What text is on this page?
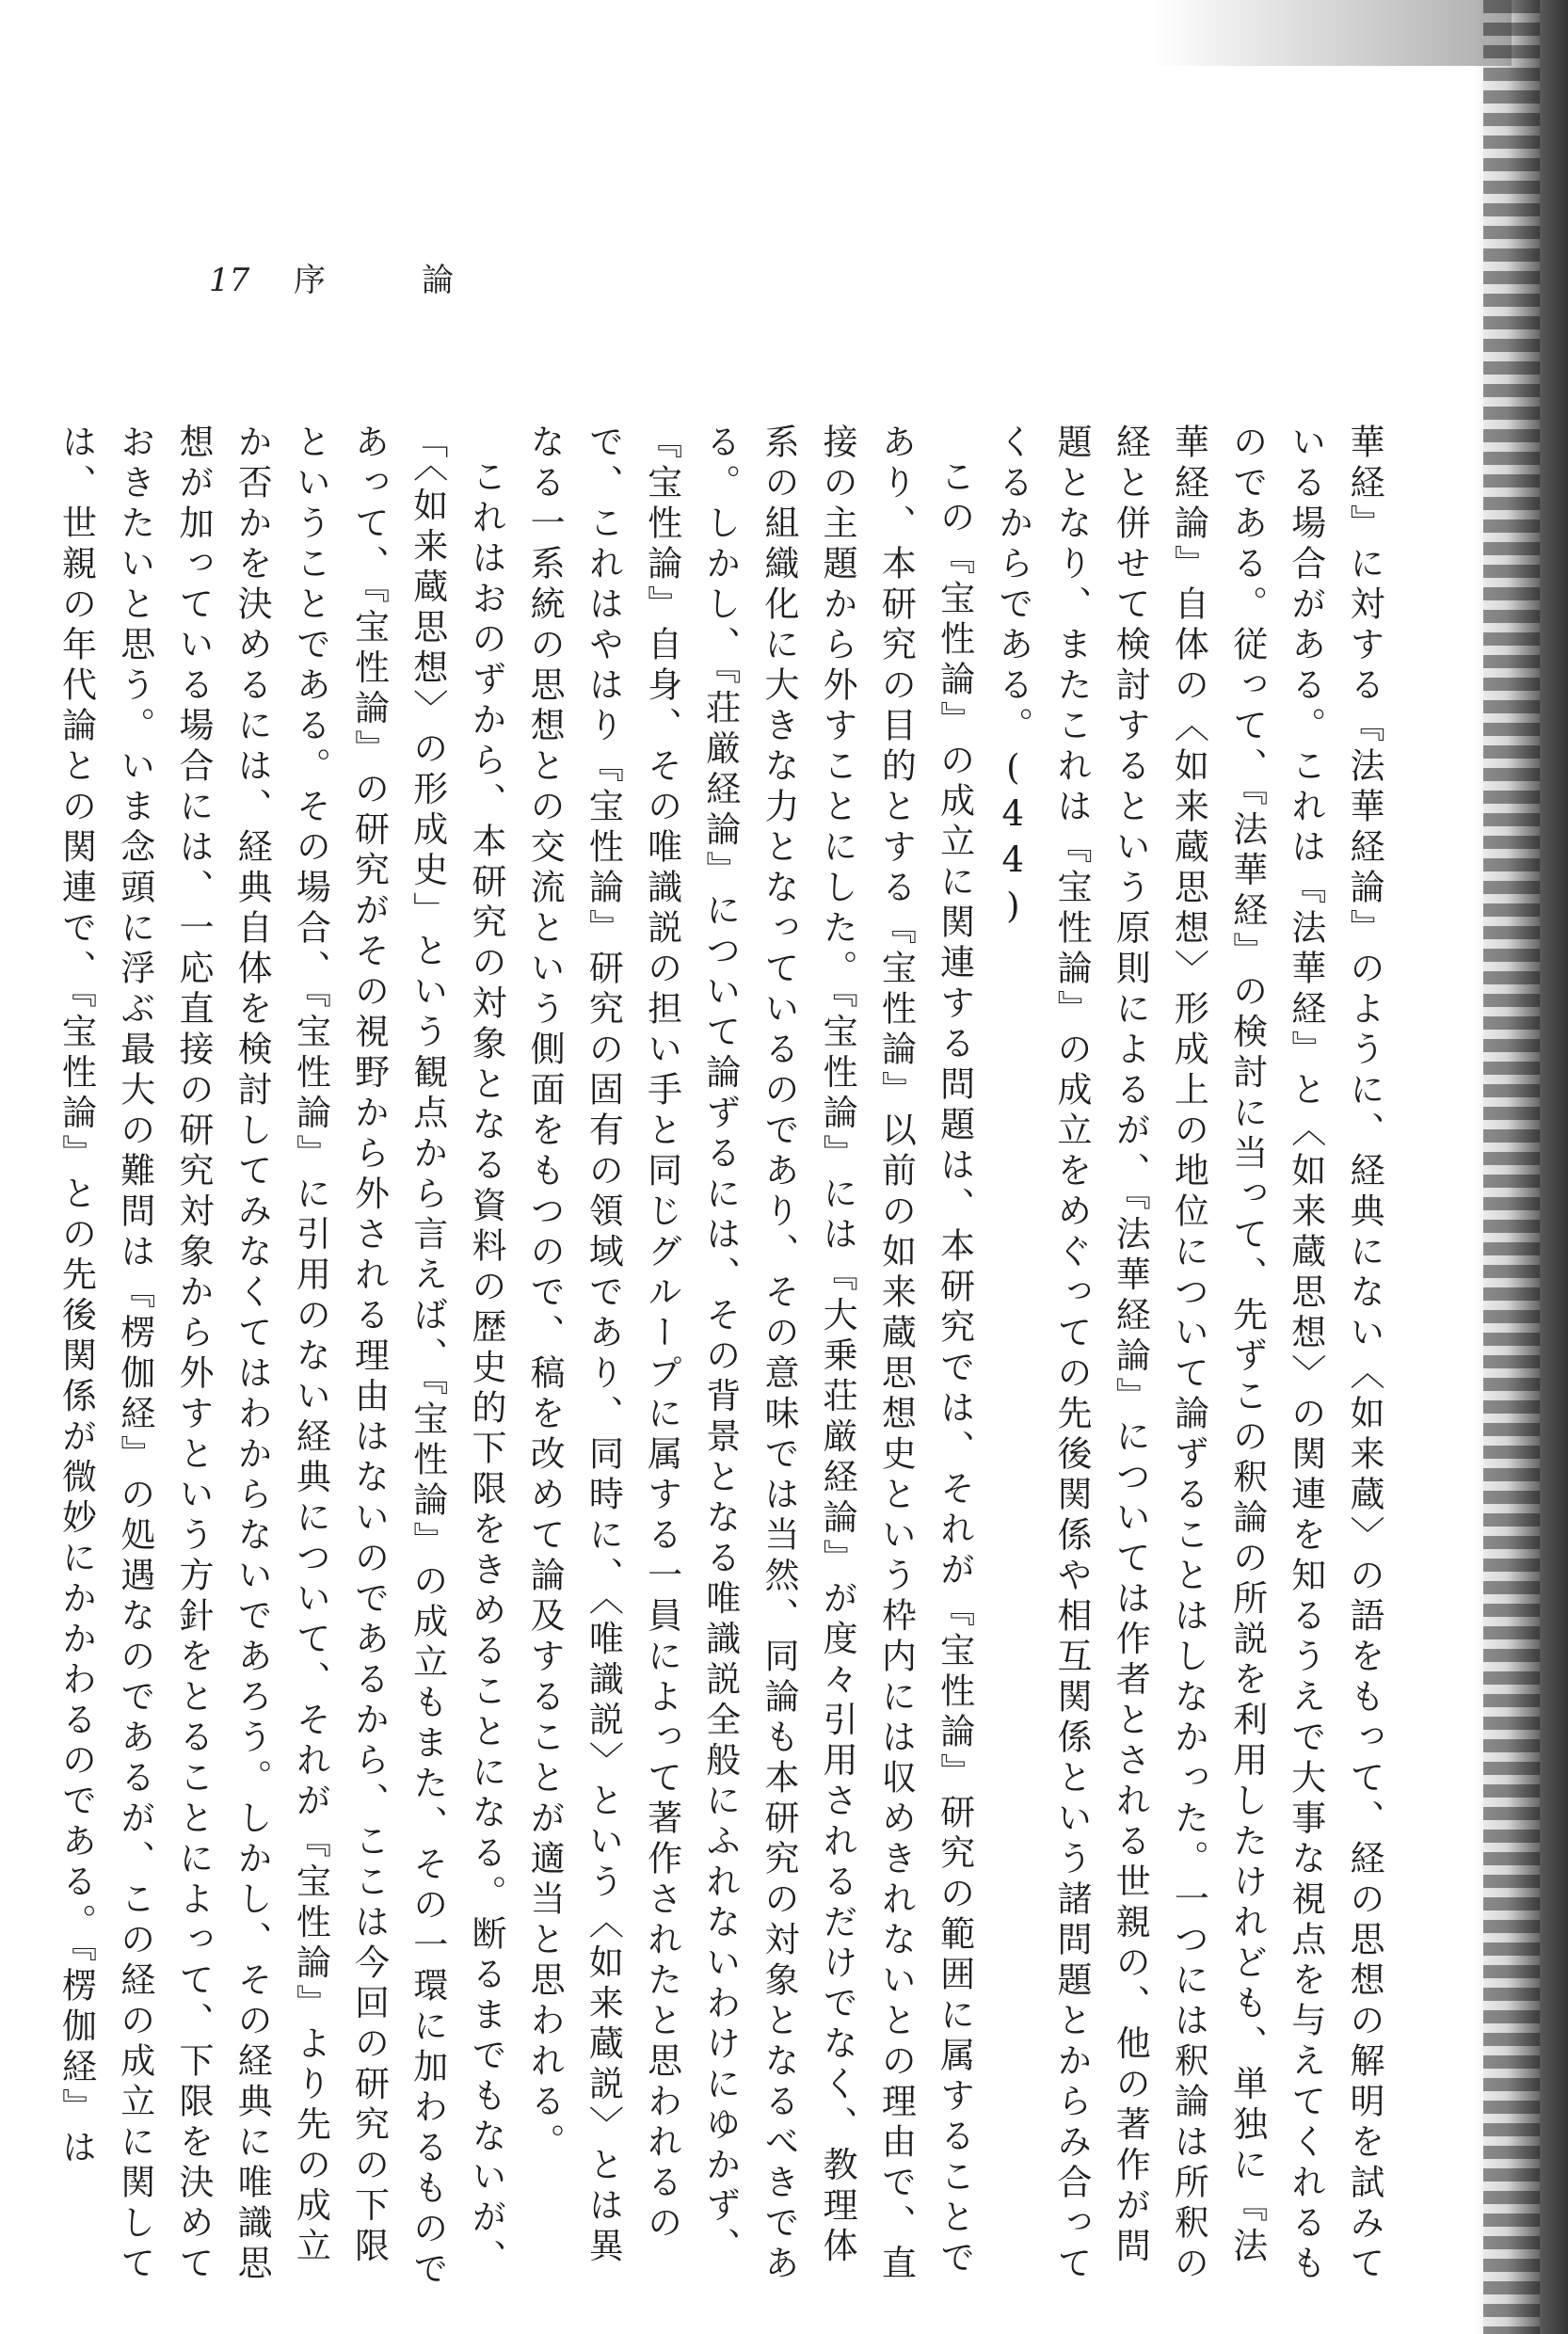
17 序	論

華経』に対する『法華経論』のように、経典にない〈如来蔵〉の語をもって、経の思想の解明を試みている場合がある。これは『法華経』と〈如来蔵思想〉の関連を知るうえで大事な視点を与えてくれるものである。従って、『法華経』の検討に当って、先ずこの釈論の所説を利用したけれども、単独に『法華経論』自体の〈如来蔵思想〉形成上の地位について論ずることはしなかった。一つには釈論は所釈の経と併せて検討するという原則によるが、『法華経論』については作者とされる世親の、他の著作が問題となり、またこれは『宝性論』の成立をめぐっての先後関係や相互関係という諸問題とからみ合ってくるからである。(44)

この『宝性論』の成立に関連する問題は、本研究では、それが『宝性論』研究の範囲に属することであり、本研究の目的とする『宝性論』以前の如来蔵思想史という枠内には収めきれないとの理由で、直接の主題から外すことにした。『宝性論』には『大乗荘厳経論』が度々引用されるだけでなく、教理体系の組織化に大きな力となっているのであり、その意味では当然、同論も本研究の対象となるべきである。しかし、『荘厳経論』について論ずるには、その背景となる唯識説全般にふれないわけにゆかず、『宝性論』自身、その唯識説の担い手と同じグループに属する一員によって著作されたと思われるので、これはやはり『宝性論』研究の固有の領域であり、同時に、〈唯識説〉という〈如来蔵説〉とは異なる一系統の思想との交流という側面をもつので、稿を改めて論及することが適当と思われる。

これはおのずから、本研究の対象となる資料の歴史的下限をきめることになる。断るまでもないが、「〈如来蔵思想〉の形成史」という観点から言えば、『宝性論』の成立もまた、その一環に加わるものであって、『宝性論』の研究がその視野から外される理由はないのであるから、ここは今回の研究の下限ということである。その場合、『宝性論』に引用のない経典について、それが『宝性論』より先の成立か否かを決めるには、経典自体を検討してみなくてはわからないであろう。しかし、その経典に唯識思想が加っている場合には、一応直接の研究対象から外すという方針をとることによって、下限を決めておきたいと思う。いま念頭に浮ぶ最大の難問は『楞伽経』の処遇なのであるが、この経の成立に関しては、世親の年代論との関連で、『宝性論』との先後関係が微妙にかかわるのである。『楞伽経』は
